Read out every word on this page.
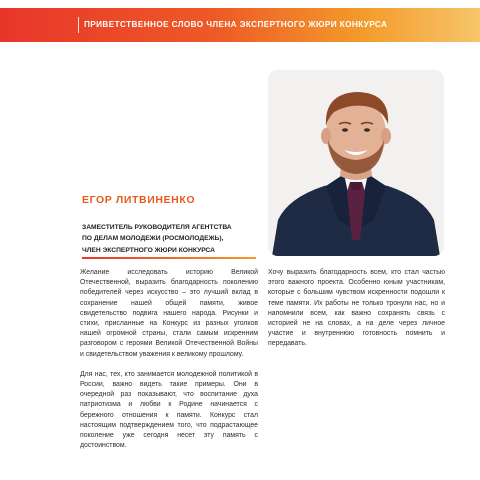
ПРИВЕТСТВЕННОЕ СЛОВО ЧЛЕНА ЭКСПЕРТНОГО ЖЮРИ КОНКУРСА
ЕГОР ЛИТВИНЕНКО
ЗАМЕСТИТЕЛЬ РУКОВОДИТЕЛЯ АГЕНТСТВА
ПО ДЕЛАМ МОЛОДЕЖИ (РОСМОЛОДЕЖЬ),
ЧЛЕН ЭКСПЕРТНОГО ЖЮРИ КОНКУРСА

Желание исследовать историю Великой Отечественной, выразить благодарность поколению победителей через искусство – это лучший вклад в сохранение нашей общей памяти, живое свидетельство подвига нашего народа. Рисунки и стихи, присланные на Конкурс из разных уголков нашей огромной страны, стали самым искренним разговором с героями Великой Отечественной Войны и свидетельством уважения к великому прошлому.

Для нас, тех, кто занимается молодежной политикой в России, важно видеть такие примеры. Они в очередной раз показывают, что воспитание духа патриотизма и любви к Родине начинается с бережного отношения к памяти. Конкурс стал настоящим подтверждением того, что подрастающее поколение уже сегодня несет эту память с достоинством.

Хочу выразить благодарность всем, кто стал частью этого важного проекта. Особенно юным участникам, которые с большим чувством искренности подошли к теме памяти. Их работы не только тронули нас, но и напомнили всем, как важно сохранять связь с историей не на словах, а на деле через личное участие и внутреннюю готовность помнить и передавать.
